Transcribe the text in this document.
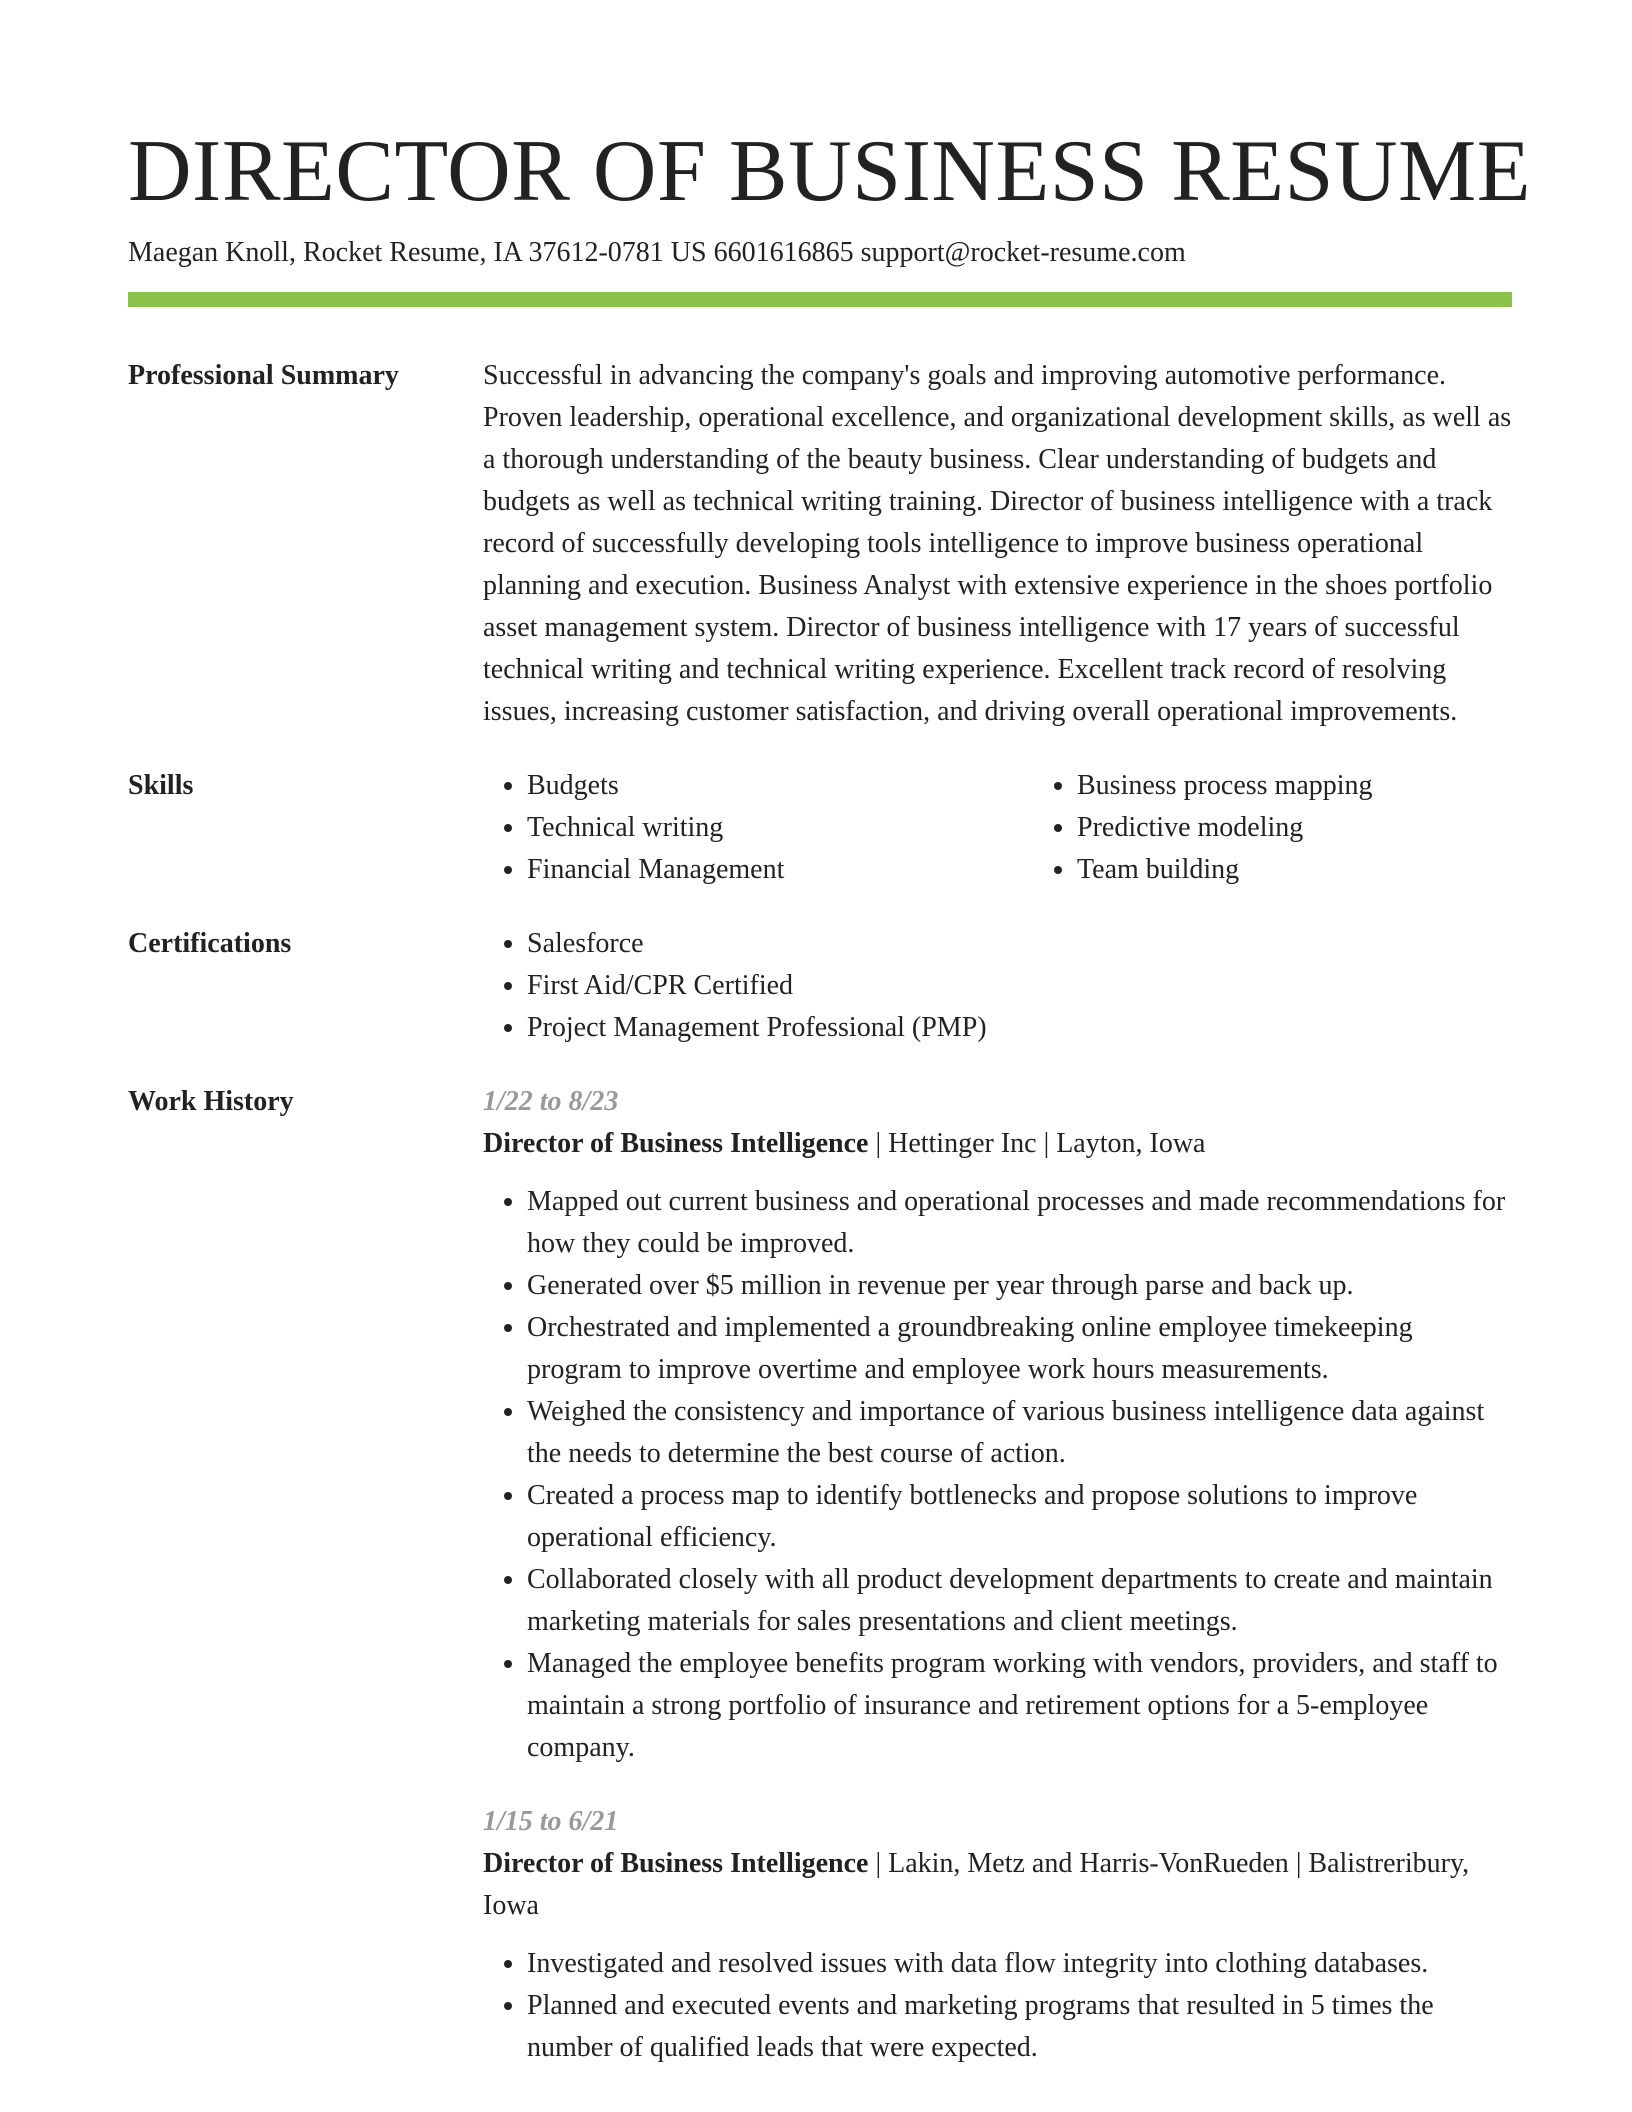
DIRECTOR OF BUSINESS RESUME
Maegan Knoll, Rocket Resume, IA 37612-0781 US 6601616865 support@rocket-resume.com
Professional Summary	Successful in advancing the company's goals and improving automotive performance. Proven leadership, operational excellence, and organizational development skills, as well as a thorough understanding of the beauty business. Clear understanding of budgets and budgets as well as technical writing training. Director of business intelligence with a track record of successfully developing tools intelligence to improve business operational planning and execution. Business Analyst with extensive experience in the shoes portfolio asset management system. Director of business intelligence with 17 years of successful technical writing and technical writing experience. Excellent track record of resolving issues, increasing customer satisfaction, and driving overall operational improvements.

Skills	• Budgets
• Technical writing
• Financial Management
• Business process mapping
• Predictive modeling
• Team building
Certifications	• Salesforce
• First Aid/CPR Certified
• Project Management Professional (PMP)
Work History	1/22 to 8/23
Director of Business Intelligence | Hettinger Inc | Layton, Iowa
• Mapped out current business and operational processes and made recommendations for how they could be improved.
• Generated over $5 million in revenue per year through parse and back up.
• Orchestrated and implemented a groundbreaking online employee timekeeping program to improve overtime and employee work hours measurements.
• Weighed the consistency and importance of various business intelligence data against the needs to determine the best course of action.
• Created a process map to identify bottlenecks and propose solutions to improve operational efficiency.
• Collaborated closely with all product development departments to create and maintain marketing materials for sales presentations and client meetings.
• Managed the employee benefits program working with vendors, providers, and staff to maintain a strong portfolio of insurance and retirement options for a 5-employee company.
1/15 to 6/21
Director of Business Intelligence | Lakin, Metz and Harris-VonRueden | Balistreribury, Iowa
• Investigated and resolved issues with data flow integrity into clothing databases.
• Planned and executed events and marketing programs that resulted in 5 times the number of qualified leads that were expected.
